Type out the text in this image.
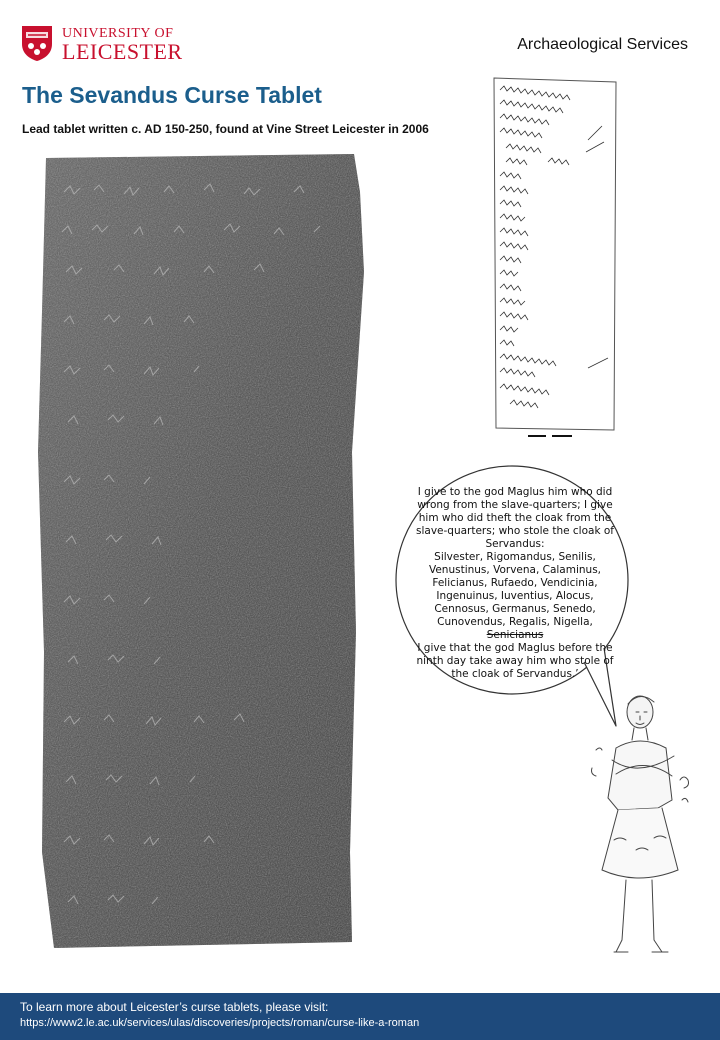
UNIVERSITY OF
LEICESTER	Archaeological Services
The Sevandus Curse Tablet
Lead tablet written c. AD 150-250, found at Vine Street Leicester in 2006

I give to the god Maglus him who did wrong from the slave-quarters; I give him who did theft the cloak from the slave-quarters; who stole the cloak of Servandus:

Silvester, Rigomandus, Senilis, Venustinus, Vorvena, Calaminus, Felicianus, Rufaedo, Vendicinia, Ingenuinus, Iuventius, Alocus, Cennosus, Germanus, Senedo, Cunovendus, Regalis, Nigella, Senicianus

I give that the god Maglus before the ninth day take away him who stole of the cloak of Servandus.’

To learn more about Leicester’s curse tablets, please visit:
https://www2.le.ac.uk/services/ulas/discoveries/projects/roman/curse-like-a-roman
